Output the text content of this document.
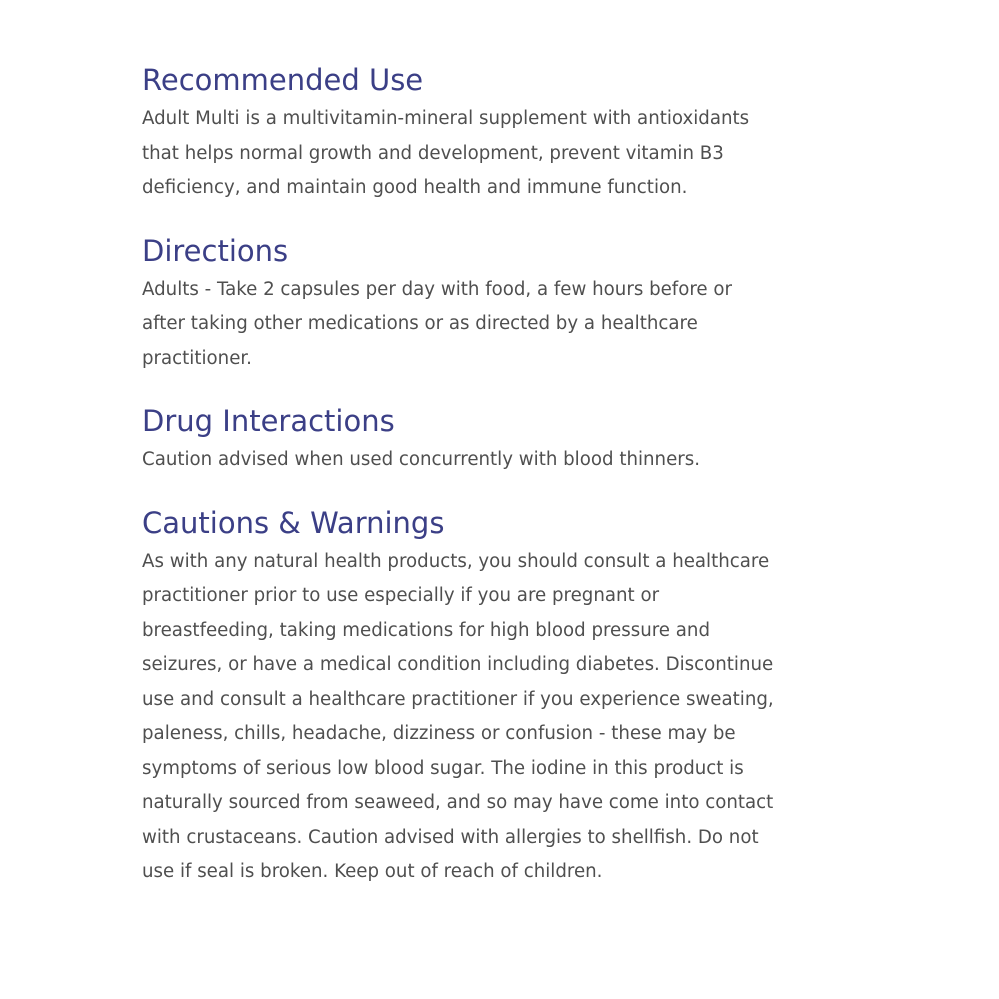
Recommended Use

Adult Multi is a multivitamin-mineral supplement with antioxidants
that helps normal growth and development, prevent vitamin B3
deficiency, and maintain good health and immune function.

Directions

Adults - Take 2 capsules per day with food, a few hours before or
after taking other medications or as directed by a healthcare
practitioner.

Drug Interactions

Caution advised when used concurrently with blood thinners.

Cautions & Warnings

As with any natural health products, you should consult a healthcare
practitioner prior to use especially if you are pregnant or
breastfeeding, taking medications for high blood pressure and
seizures, or have a medical condition including diabetes. Discontinue
use and consult a healthcare practitioner if you experience sweating,
paleness, chills, headache, dizziness or confusion - these may be
symptoms of serious low blood sugar. The iodine in this product is
naturally sourced from seaweed, and so may have come into contact
with crustaceans. Caution advised with allergies to shellfish. Do not
use if seal is broken. Keep out of reach of children.
